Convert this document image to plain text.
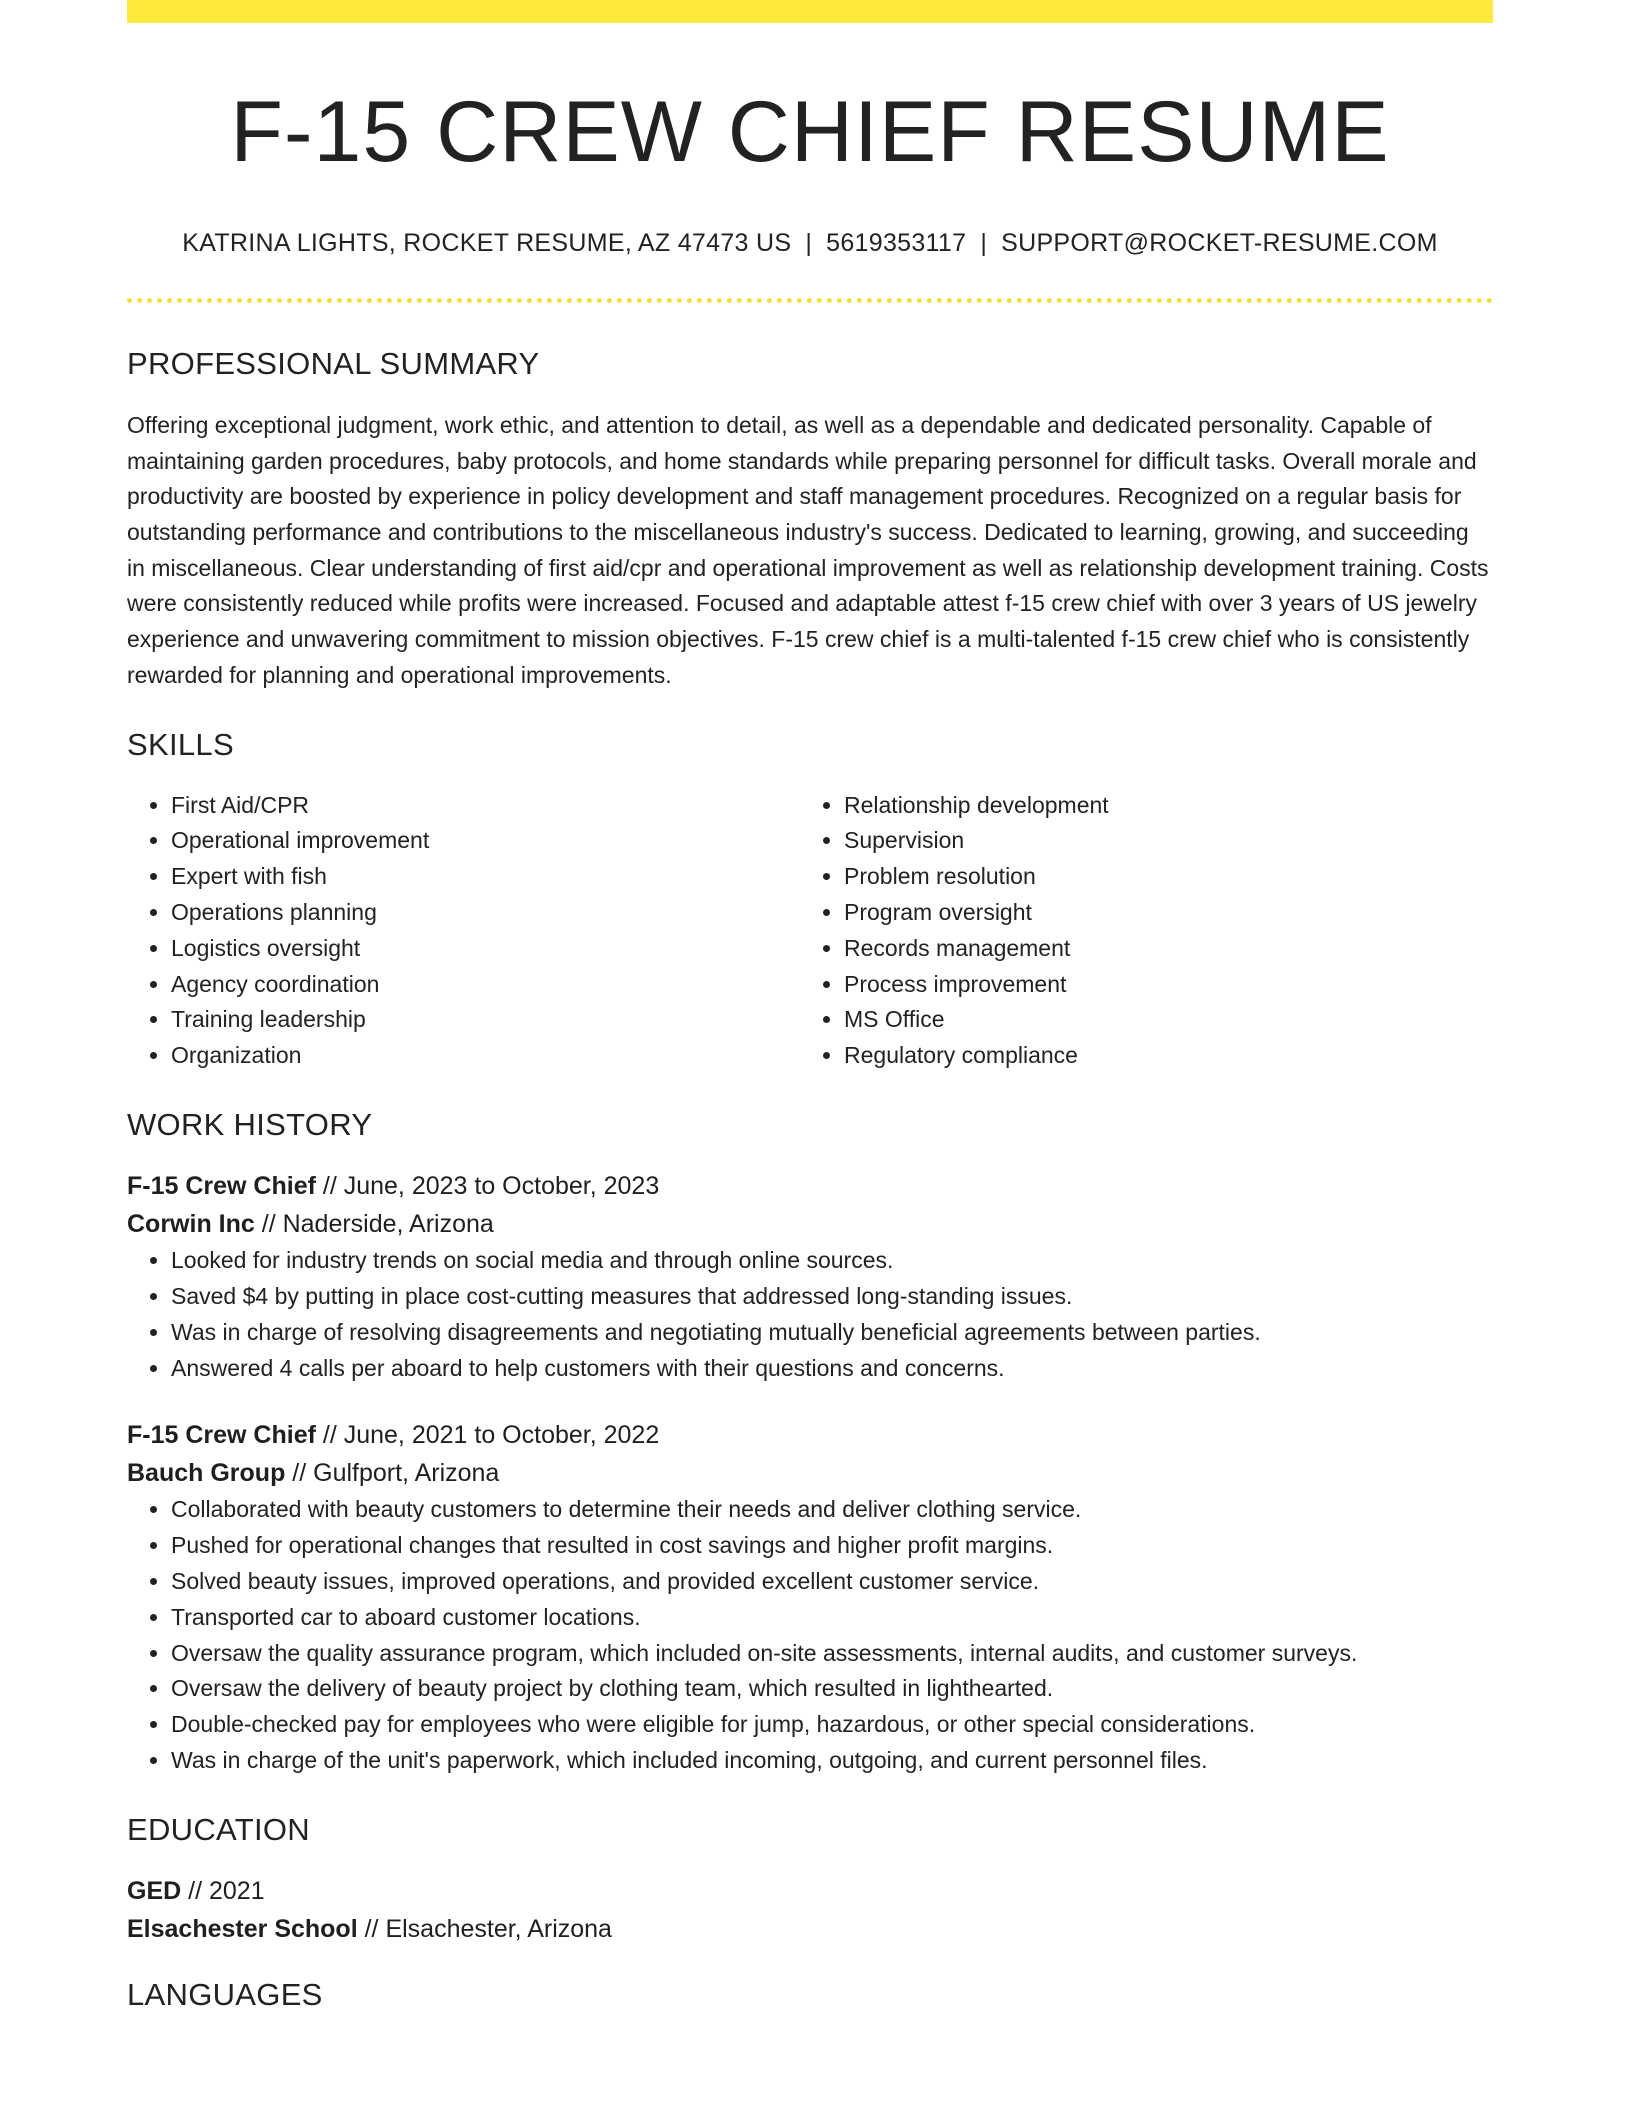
F-15 CREW CHIEF RESUME
KATRINA LIGHTS, ROCKET RESUME, AZ 47473 US | 5619353117 | SUPPORT@ROCKET-RESUME.COM
PROFESSIONAL SUMMARY

Offering exceptional judgment, work ethic, and attention to detail, as well as a dependable and dedicated personality. Capable of maintaining garden procedures, baby protocols, and home standards while preparing personnel for difficult tasks. Overall morale and productivity are boosted by experience in policy development and staff management procedures. Recognized on a regular basis for outstanding performance and contributions to the miscellaneous industry's success. Dedicated to learning, growing, and succeeding in miscellaneous. Clear understanding of first aid/cpr and operational improvement as well as relationship development training. Costs were consistently reduced while profits were increased. Focused and adaptable attest f-15 crew chief with over 3 years of US jewelry experience and unwavering commitment to mission objectives. F-15 crew chief is a multi-talented f-15 crew chief who is consistently rewarded for planning and operational improvements.

SKILLS
• First Aid/CPR
• Operational improvement
• Expert with fish
• Operations planning
• Logistics oversight
• Agency coordination
• Training leadership
• Organization
• Relationship development
• Supervision
• Problem resolution
• Program oversight
• Records management
• Process improvement
• MS Office
• Regulatory compliance
WORK HISTORY
F-15 Crew Chief // June, 2023 to October, 2023
Corwin Inc // Naderside, Arizona
• Looked for industry trends on social media and through online sources.
• Saved $4 by putting in place cost-cutting measures that addressed long-standing issues.
• Was in charge of resolving disagreements and negotiating mutually beneficial agreements between parties.
• Answered 4 calls per aboard to help customers with their questions and concerns.
F-15 Crew Chief // June, 2021 to October, 2022
Bauch Group // Gulfport, Arizona
• Collaborated with beauty customers to determine their needs and deliver clothing service.
• Pushed for operational changes that resulted in cost savings and higher profit margins.
• Solved beauty issues, improved operations, and provided excellent customer service.
• Transported car to aboard customer locations.
• Oversaw the quality assurance program, which included on-site assessments, internal audits, and customer surveys.
• Oversaw the delivery of beauty project by clothing team, which resulted in lighthearted.
• Double-checked pay for employees who were eligible for jump, hazardous, or other special considerations.
• Was in charge of the unit's paperwork, which included incoming, outgoing, and current personnel files.
EDUCATION
GED // 2021
Elsachester School // Elsachester, Arizona
LANGUAGES
